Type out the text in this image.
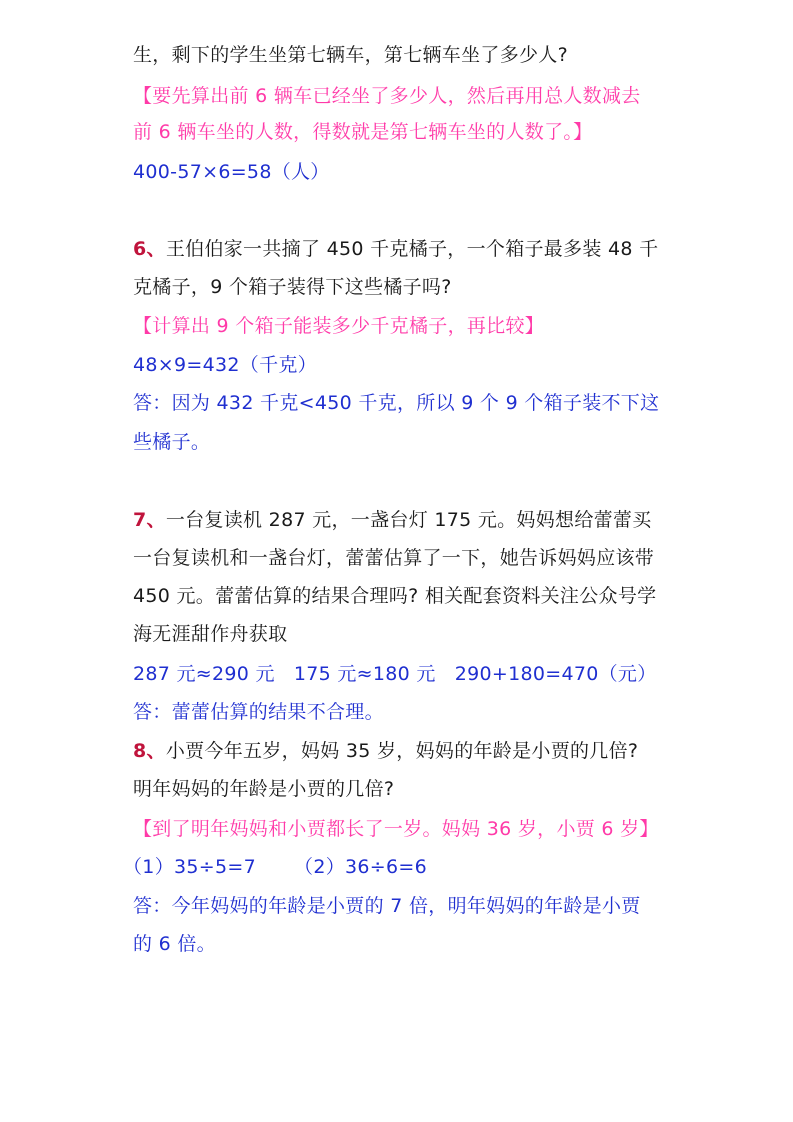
生，剩下的学生坐第七辆车，第七辆车坐了多少人?
【要先算出前 6 辆车已经坐了多少人，然后再用总人数减去
前 6 辆车坐的人数，得数就是第七辆车坐的人数了。】
400-57×6=58（人）
6、王伯伯家一共摘了 450 千克橘子，一个箱子最多装 48 千
克橘子，9 个箱子装得下这些橘子吗?
【计算出 9 个箱子能装多少千克橘子，再比较】
48×9=432（千克）
答：因为 432 千克<450 千克，所以 9 个 9 个箱子装不下这
些橘子。
7、一台复读机 287 元，一盏台灯 175 元。妈妈想给蕾蕾买
一台复读机和一盏台灯，蕾蕾估算了一下，她告诉妈妈应该带
450 元。蕾蕾估算的结果合理吗? 相关配套资料关注公众号学
海无涯甜作舟获取
287 元≈290 元   175 元≈180 元   290+180=470（元）
答：蕾蕾估算的结果不合理。
8、小贾今年五岁，妈妈 35 岁，妈妈的年龄是小贾的几倍?
明年妈妈的年龄是小贾的几倍?
【到了明年妈妈和小贾都长了一岁。妈妈 36 岁，小贾 6 岁】
（1）35÷5=7      （2）36÷6=6
答：今年妈妈的年龄是小贾的 7 倍，明年妈妈的年龄是小贾
的 6 倍。
